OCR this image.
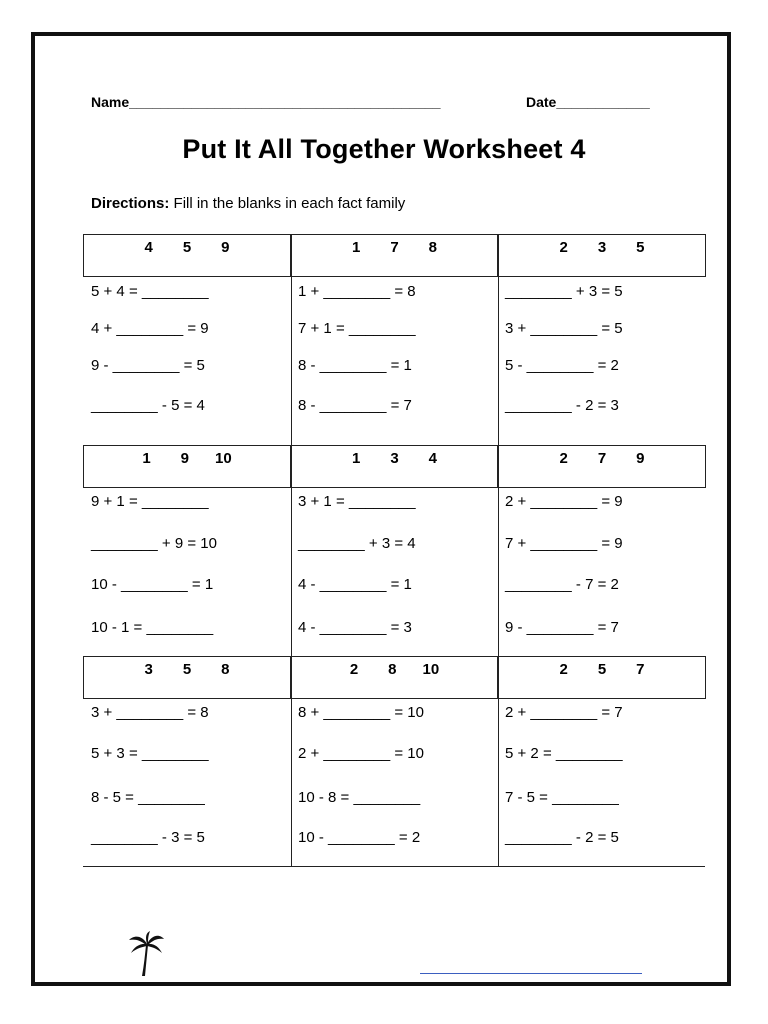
Name________________________________________	Date____________
Put It All Together Worksheet 4
Directions: Fill in the blanks in each fact family
4 5 9
5 + 4 = ________
4 + ________ = 9
9 - ________ = 5
________ - 5 = 4
1 7 8
1 + ________ = 8
7 + 1 = ________
8 - ________ = 1
8 - ________ = 7
2 3 5
________ + 3 = 5
3 + ________ = 5
5 - ________ = 2
________ - 2 = 3
1 9 10
9 + 1 = ________
________ + 9 = 10
10 - ________ = 1
10 - 1 = ________
1 3 4
3 + 1 = ________
________ + 3 = 4
4 - ________ = 1
4 - ________ = 3
2 7 9
2 + ________ = 9
7 + ________ = 9
________ - 7 = 2
9 - ________ = 7
3 5 8
3 + ________ = 8
5 + 3 = ________
8 - 5 = ________
________ - 3 = 5
2 8 10
8 + ________ = 10
2 + ________ = 10
10 - 8 = ________
10 - ________ = 2
2 5 7
2 + ________ = 7
5 + 2 = ________
7 - 5 = ________
________ - 2 = 5
